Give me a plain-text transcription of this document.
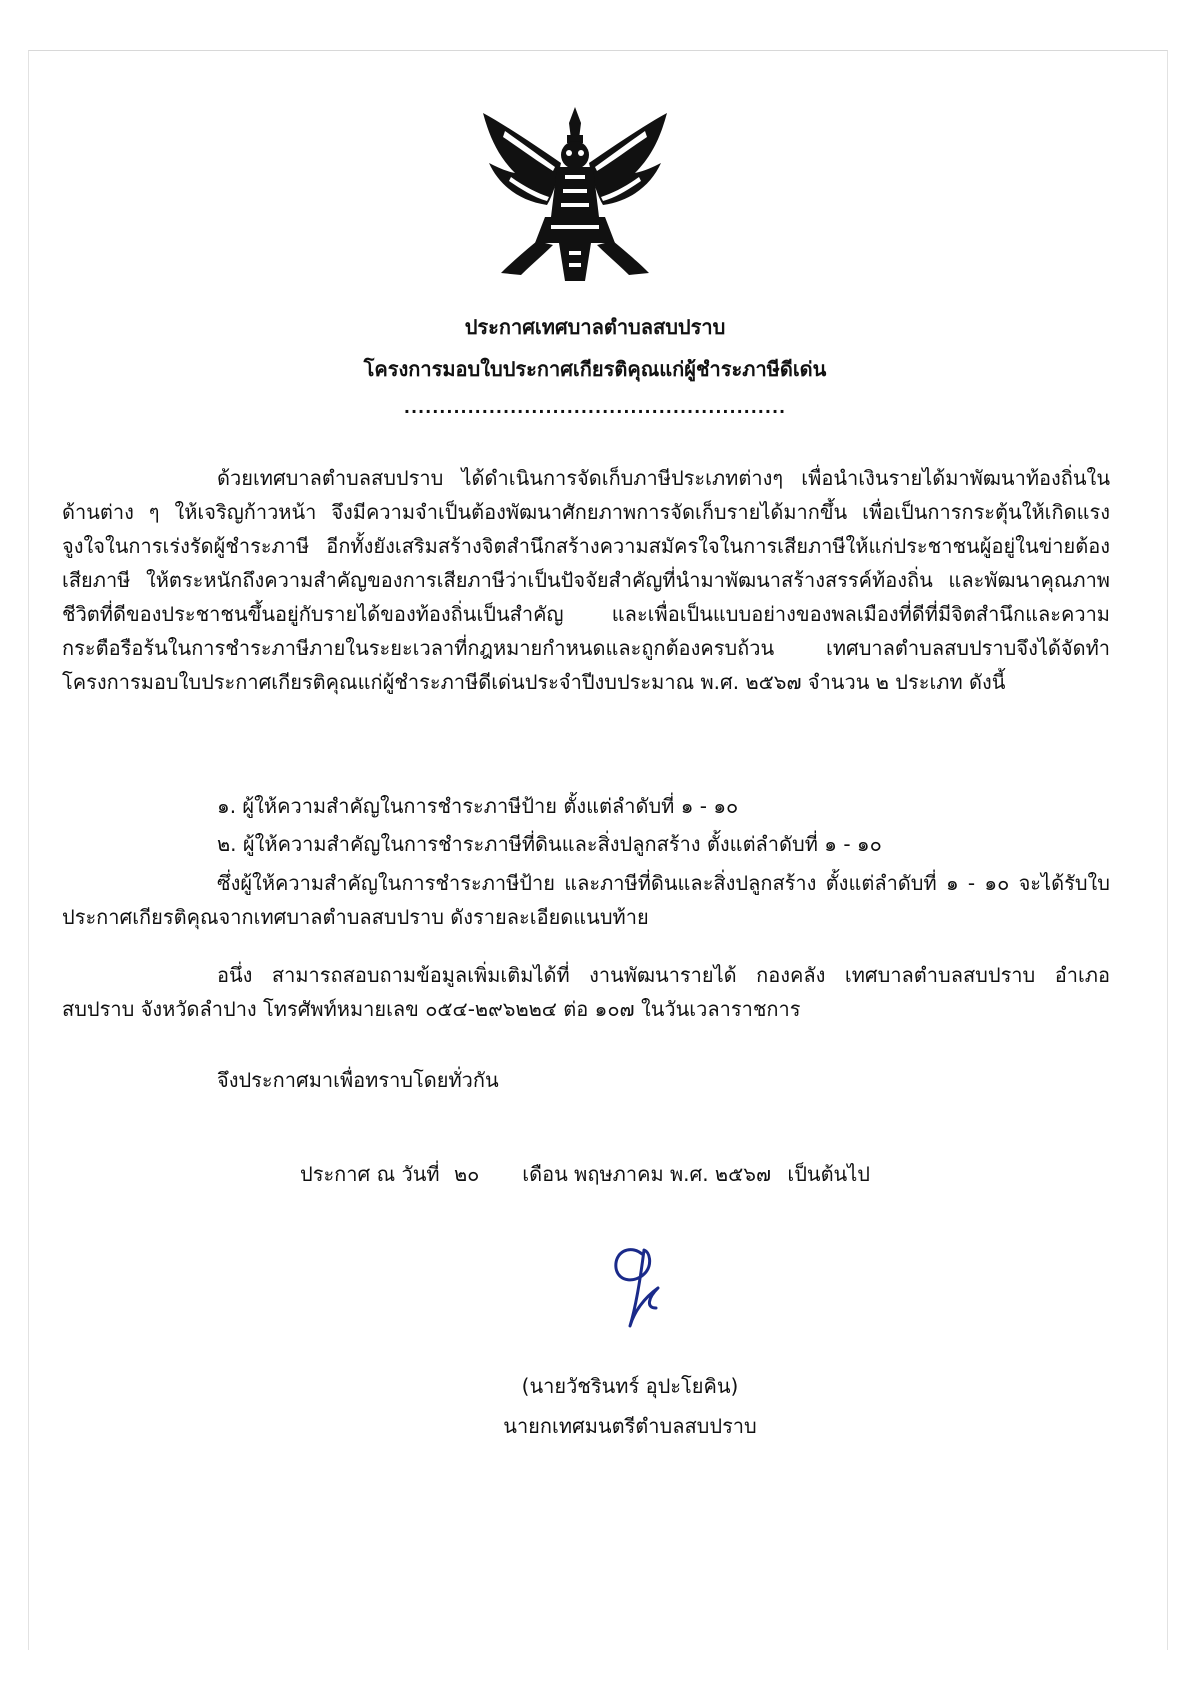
ประกาศเทศบาลตำบลสบปราบ
โครงการมอบใบประกาศเกียรติคุณแก่ผู้ชำระภาษีดีเด่น
......................................................
ด้วยเทศบาลตำบลสบปราบ ได้ดำเนินการจัดเก็บภาษีประเภทต่างๆ เพื่อนำเงินรายได้มาพัฒนาท้องถิ่นในด้านต่าง ๆ ให้เจริญก้าวหน้า จึงมีความจำเป็นต้องพัฒนาศักยภาพการจัดเก็บรายได้มากขึ้น เพื่อเป็นการกระตุ้นให้เกิดแรงจูงใจในการเร่งรัดผู้ชำระภาษี อีกทั้งยังเสริมสร้างจิตสำนึกสร้างความสมัครใจในการเสียภาษีให้แก่ประชาชนผู้อยู่ในข่ายต้องเสียภาษี ให้ตระหนักถึงความสำคัญของการเสียภาษีว่าเป็นปัจจัยสำคัญที่นำมาพัฒนาสร้างสรรค์ท้องถิ่น และพัฒนาคุณภาพชีวิตที่ดีของประชาชนขึ้นอยู่กับรายได้ของท้องถิ่นเป็นสำคัญ และเพื่อเป็นแบบอย่างของพลเมืองที่ดีที่มีจิตสำนึกและความกระตือรือร้นในการชำระภาษีภายในระยะเวลาที่กฎหมายกำหนดและถูกต้องครบถ้วน เทศบาลตำบลสบปราบจึงได้จัดทำโครงการมอบใบประกาศเกียรติคุณแก่ผู้ชำระภาษีดีเด่นประจำปีงบประมาณ พ.ศ. ๒๕๖๗ จำนวน ๒ ประเภท ดังนี้
๑. ผู้ให้ความสำคัญในการชำระภาษีป้าย ตั้งแต่ลำดับที่ ๑ - ๑๐
๒. ผู้ให้ความสำคัญในการชำระภาษีที่ดินและสิ่งปลูกสร้าง ตั้งแต่ลำดับที่ ๑ - ๑๐
ซึ่งผู้ให้ความสำคัญในการชำระภาษีป้าย และภาษีที่ดินและสิ่งปลูกสร้าง ตั้งแต่ลำดับที่ ๑ - ๑๐ จะได้รับใบประกาศเกียรติคุณจากเทศบาลตำบลสบปราบ ดังรายละเอียดแนบท้าย
อนึ่ง สามารถสอบถามข้อมูลเพิ่มเติมได้ที่ งานพัฒนารายได้ กองคลัง เทศบาลตำบลสบปราบ อำเภอสบปราบ จังหวัดลำปาง โทรศัพท์หมายเลข ๐๕๔-๒๙๖๒๒๔ ต่อ ๑๐๗ ในวันเวลาราชการ
จึงประกาศมาเพื่อทราบโดยทั่วกัน
ประกาศ ณ วันที่ ๒๐ เดือน พฤษภาคม พ.ศ. ๒๕๖๗ เป็นต้นไป
(นายวัชรินทร์ อุปะโยคิน)
นายกเทศมนตรีตำบลสบปราบ
